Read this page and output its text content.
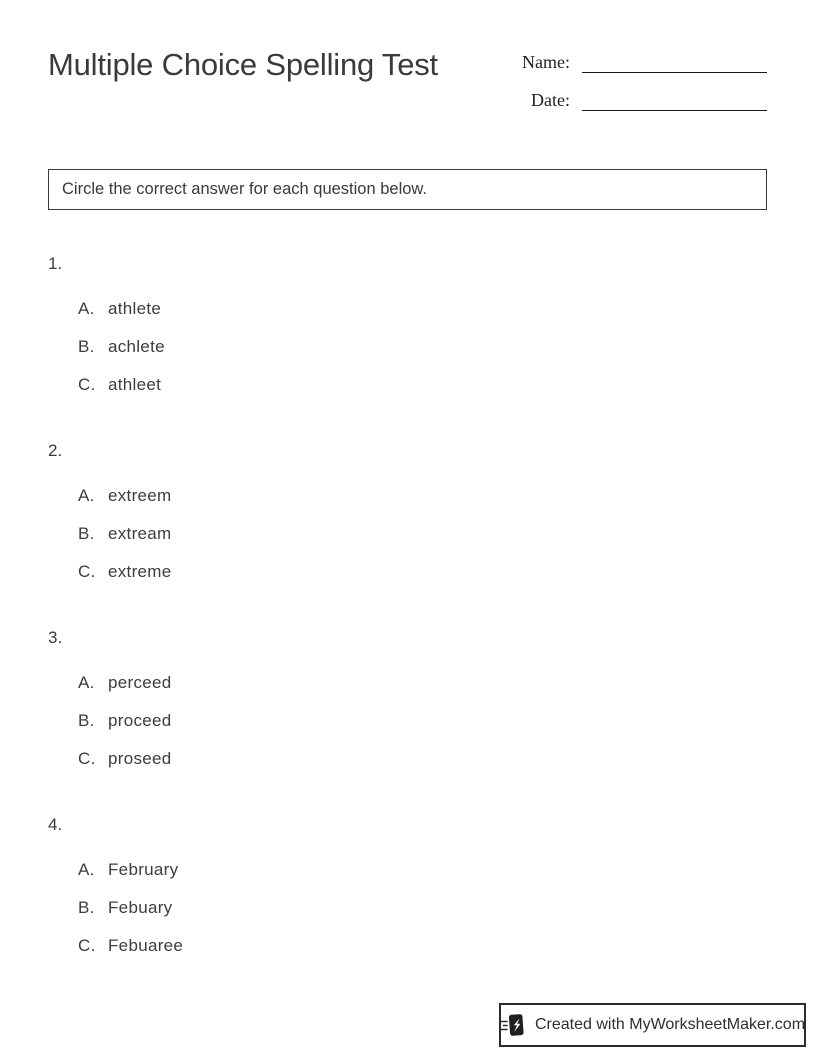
Multiple Choice Spelling Test	Name:
Date:
Circle the correct answer for each question below.
1.
A. athlete
B. achlete
C. athleet
2.
A. extreem
B. extream
C. extreme
3.
A. perceed
B. proceed
C. proseed
4.
A. February
B. Febuary
C. Febuaree
Created with MyWorksheetMaker.com
